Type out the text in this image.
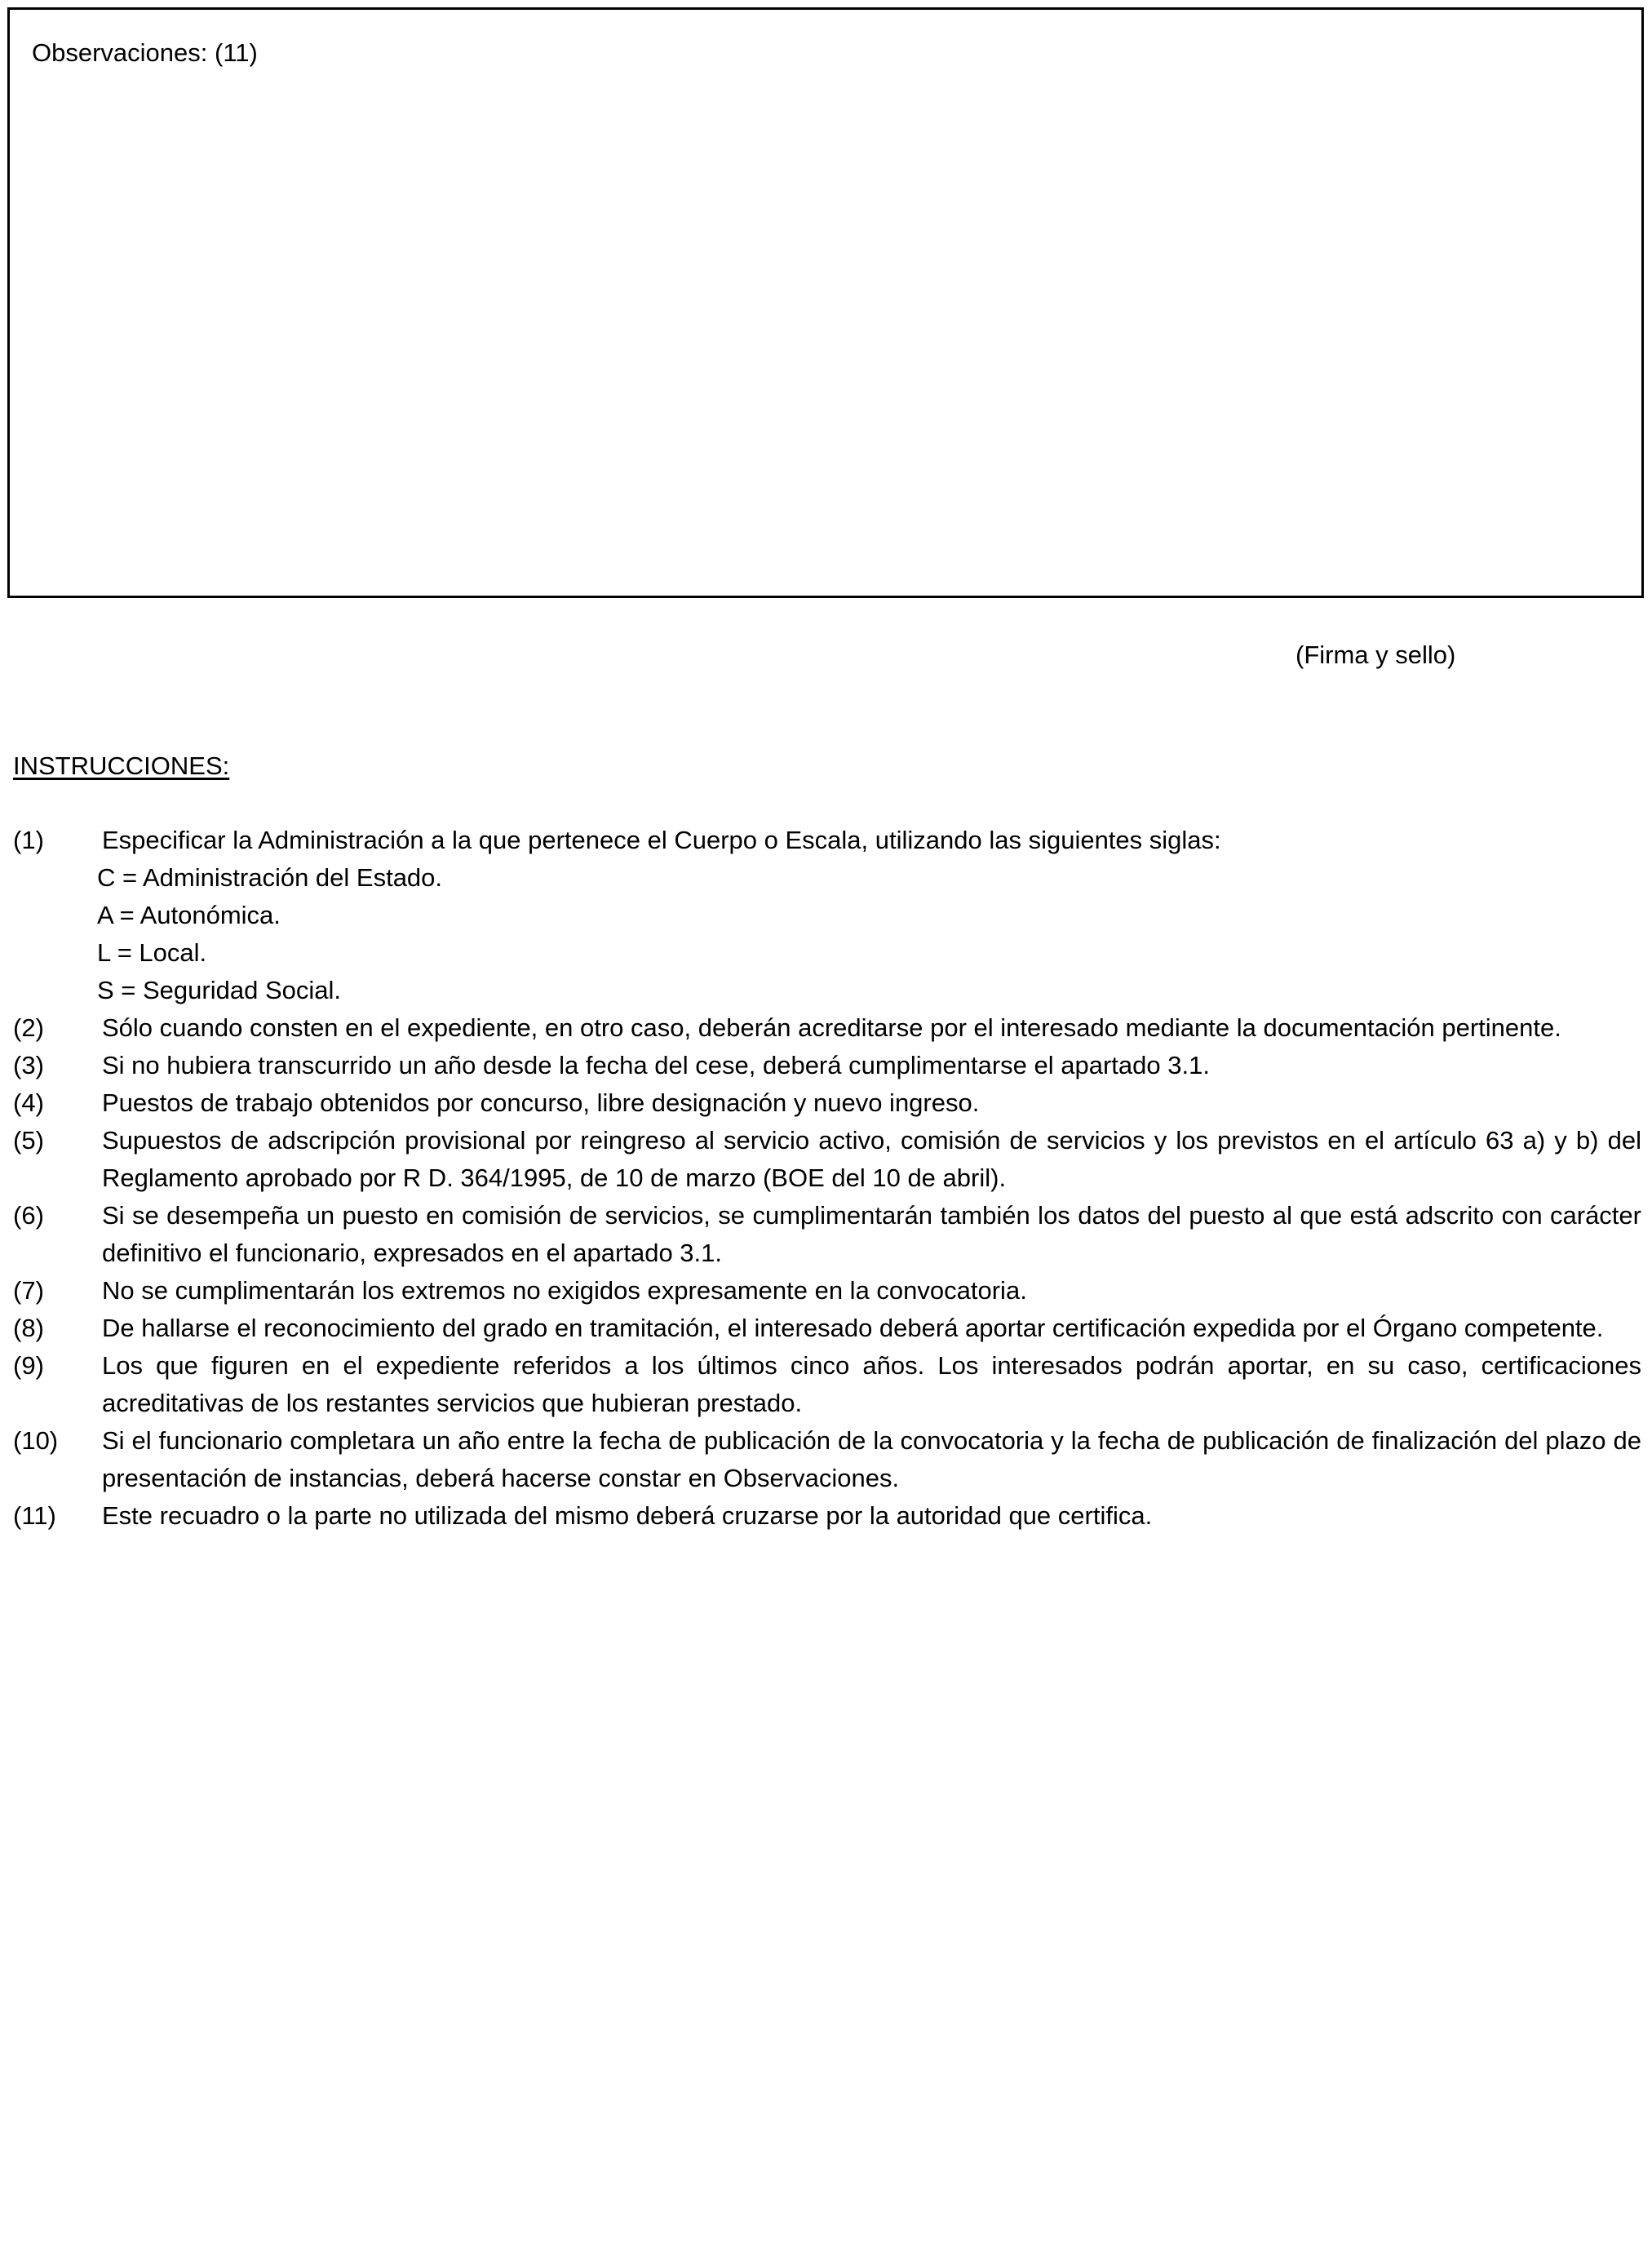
Observaciones: (11)
(Firma y sello)
INSTRUCCIONES:
(1) Especificar la Administración a la que pertenece el Cuerpo o Escala, utilizando las siguientes siglas:
C = Administración del Estado.
A = Autonómica.
L = Local.
S = Seguridad Social.
(2) Sólo cuando consten en el expediente, en otro caso, deberán acreditarse por el interesado mediante la documentación pertinente.
(3) Si no hubiera transcurrido un año desde la fecha del cese, deberá cumplimentarse el apartado 3.1.
(4) Puestos de trabajo obtenidos por concurso, libre designación y nuevo ingreso.
(5) Supuestos de adscripción provisional por reingreso al servicio activo, comisión de servicios y los previstos en el artículo 63 a) y b) del Reglamento aprobado por R D. 364/1995, de 10 de marzo (BOE del 10 de abril).
(6) Si se desempeña un puesto en comisión de servicios, se cumplimentarán también los datos del puesto al que está adscrito con carácter definitivo el funcionario, expresados en el apartado 3.1.
(7) No se cumplimentarán los extremos no exigidos expresamente en la convocatoria.
(8) De hallarse el reconocimiento del grado en tramitación, el interesado deberá aportar certificación expedida por el Órgano competente.
(9) Los que figuren en el expediente referidos a los últimos cinco años. Los interesados podrán aportar, en su caso, certificaciones acreditativas de los restantes servicios que hubieran prestado.
(10) Si el funcionario completara un año entre la fecha de publicación de la convocatoria y la fecha de publicación de finalización del plazo de presentación de instancias, deberá hacerse constar en Observaciones.
(11) Este recuadro o la parte no utilizada del mismo deberá cruzarse por la autoridad que certifica.
